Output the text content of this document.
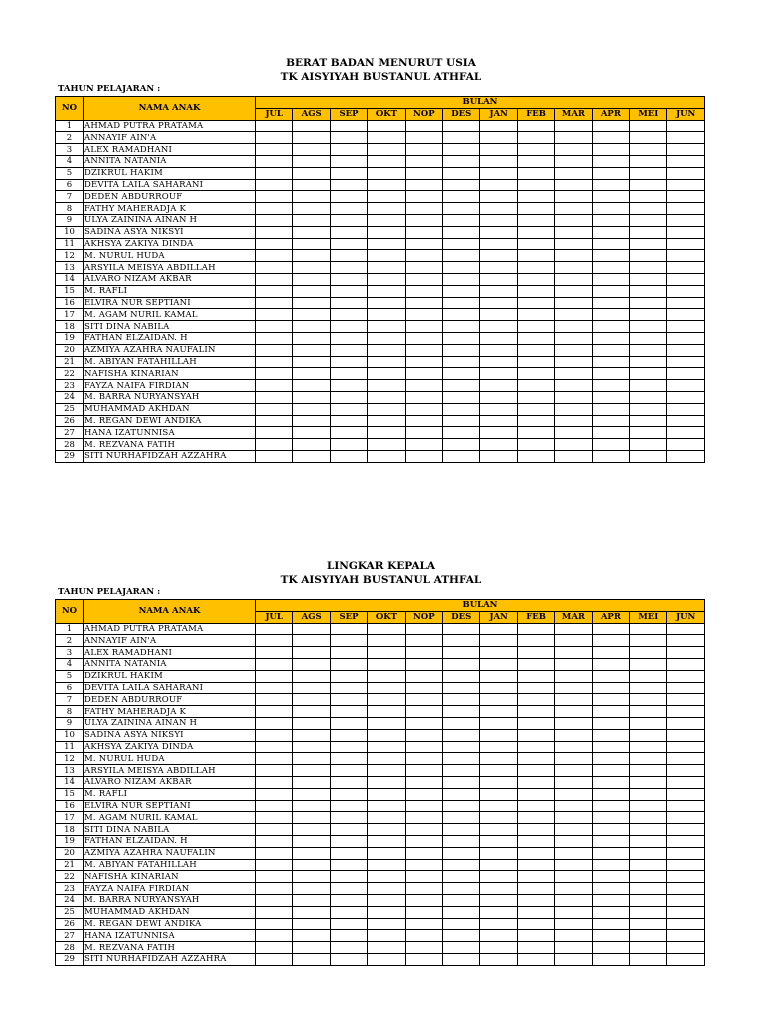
BERAT BADAN MENURUT USIA
TK AISYIYAH BUSTANUL ATHFAL
TAHUN PELAJARAN :
NO	NAMA ANAK	BULAN											
		JUL	AGS	SEP	OKT	NOP	DES	JAN	FEB	MAR	APR	MEI	JUN
1	AHMAD PUTRA PRATAMA												
2	ANNAYIF AIN'A												
3	ALEX RAMADHANI												
4	ANNITA NATANIA												
5	DZIKRUL HAKIM												
6	DEVITA LAILA SAHARANI												
7	DEDEN ABDURROUF												
8	FATHY MAHERADJA K												
9	ULYA ZAININA AINAN H												
10	SADINA ASYA NIKSYI												
11	AKHSYA ZAKIYA DINDA												
12	M. NURUL HUDA												
13	ARSYILA MEISYA ABDILLAH												
14	ALVARO NIZAM AKBAR												
15	M. RAFLI												
16	ELVIRA NUR SEPTIANI												
17	M. AGAM NURIL KAMAL												
18	SITI DINA NABILA												
19	FATHAN ELZAIDAN. H												
20	AZMIYA AZAHRA NAUFALIN												
21	M. ABIYAN FATAHILLAH												
22	NAFISHA KINARIAN												
23	FAYZA NAIFA FIRDIAN												
24	M. BARRA NURYANSYAH												
25	MUHAMMAD AKHDAN												
26	M. REGAN DEWI ANDIKA												
27	HANA IZATUNNISA												
28	M. REZVANA FATIH												
29	SITI NURHAFIDZAH AZZAHRA												
LINGKAR KEPALA
TK AISYIYAH BUSTANUL ATHFAL
TAHUN PELAJARAN :
NO	NAMA ANAK	BULAN											
		JUL	AGS	SEP	OKT	NOP	DES	JAN	FEB	MAR	APR	MEI	JUN
1	AHMAD PUTRA PRATAMA												
2	ANNAYIF AIN'A												
3	ALEX RAMADHANI												
4	ANNITA NATANIA												
5	DZIKRUL HAKIM												
6	DEVITA LAILA SAHARANI												
7	DEDEN ABDURROUF												
8	FATHY MAHERADJA K												
9	ULYA ZAININA AINAN H												
10	SADINA ASYA NIKSYI												
11	AKHSYA ZAKIYA DINDA												
12	M. NURUL HUDA												
13	ARSYILA MEISYA ABDILLAH												
14	ALVARO NIZAM AKBAR												
15	M. RAFLI												
16	ELVIRA NUR SEPTIANI												
17	M. AGAM NURIL KAMAL												
18	SITI DINA NABILA												
19	FATHAN ELZAIDAN. H												
20	AZMIYA AZAHRA NAUFALIN												
21	M. ABIYAN FATAHILLAH												
22	NAFISHA KINARIAN												
23	FAYZA NAIFA FIRDIAN												
24	M. BARRA NURYANSYAH												
25	MUHAMMAD AKHDAN												
26	M. REGAN DEWI ANDIKA												
27	HANA IZATUNNISA												
28	M. REZVANA FATIH												
29	SITI NURHAFIDZAH AZZAHRA												
